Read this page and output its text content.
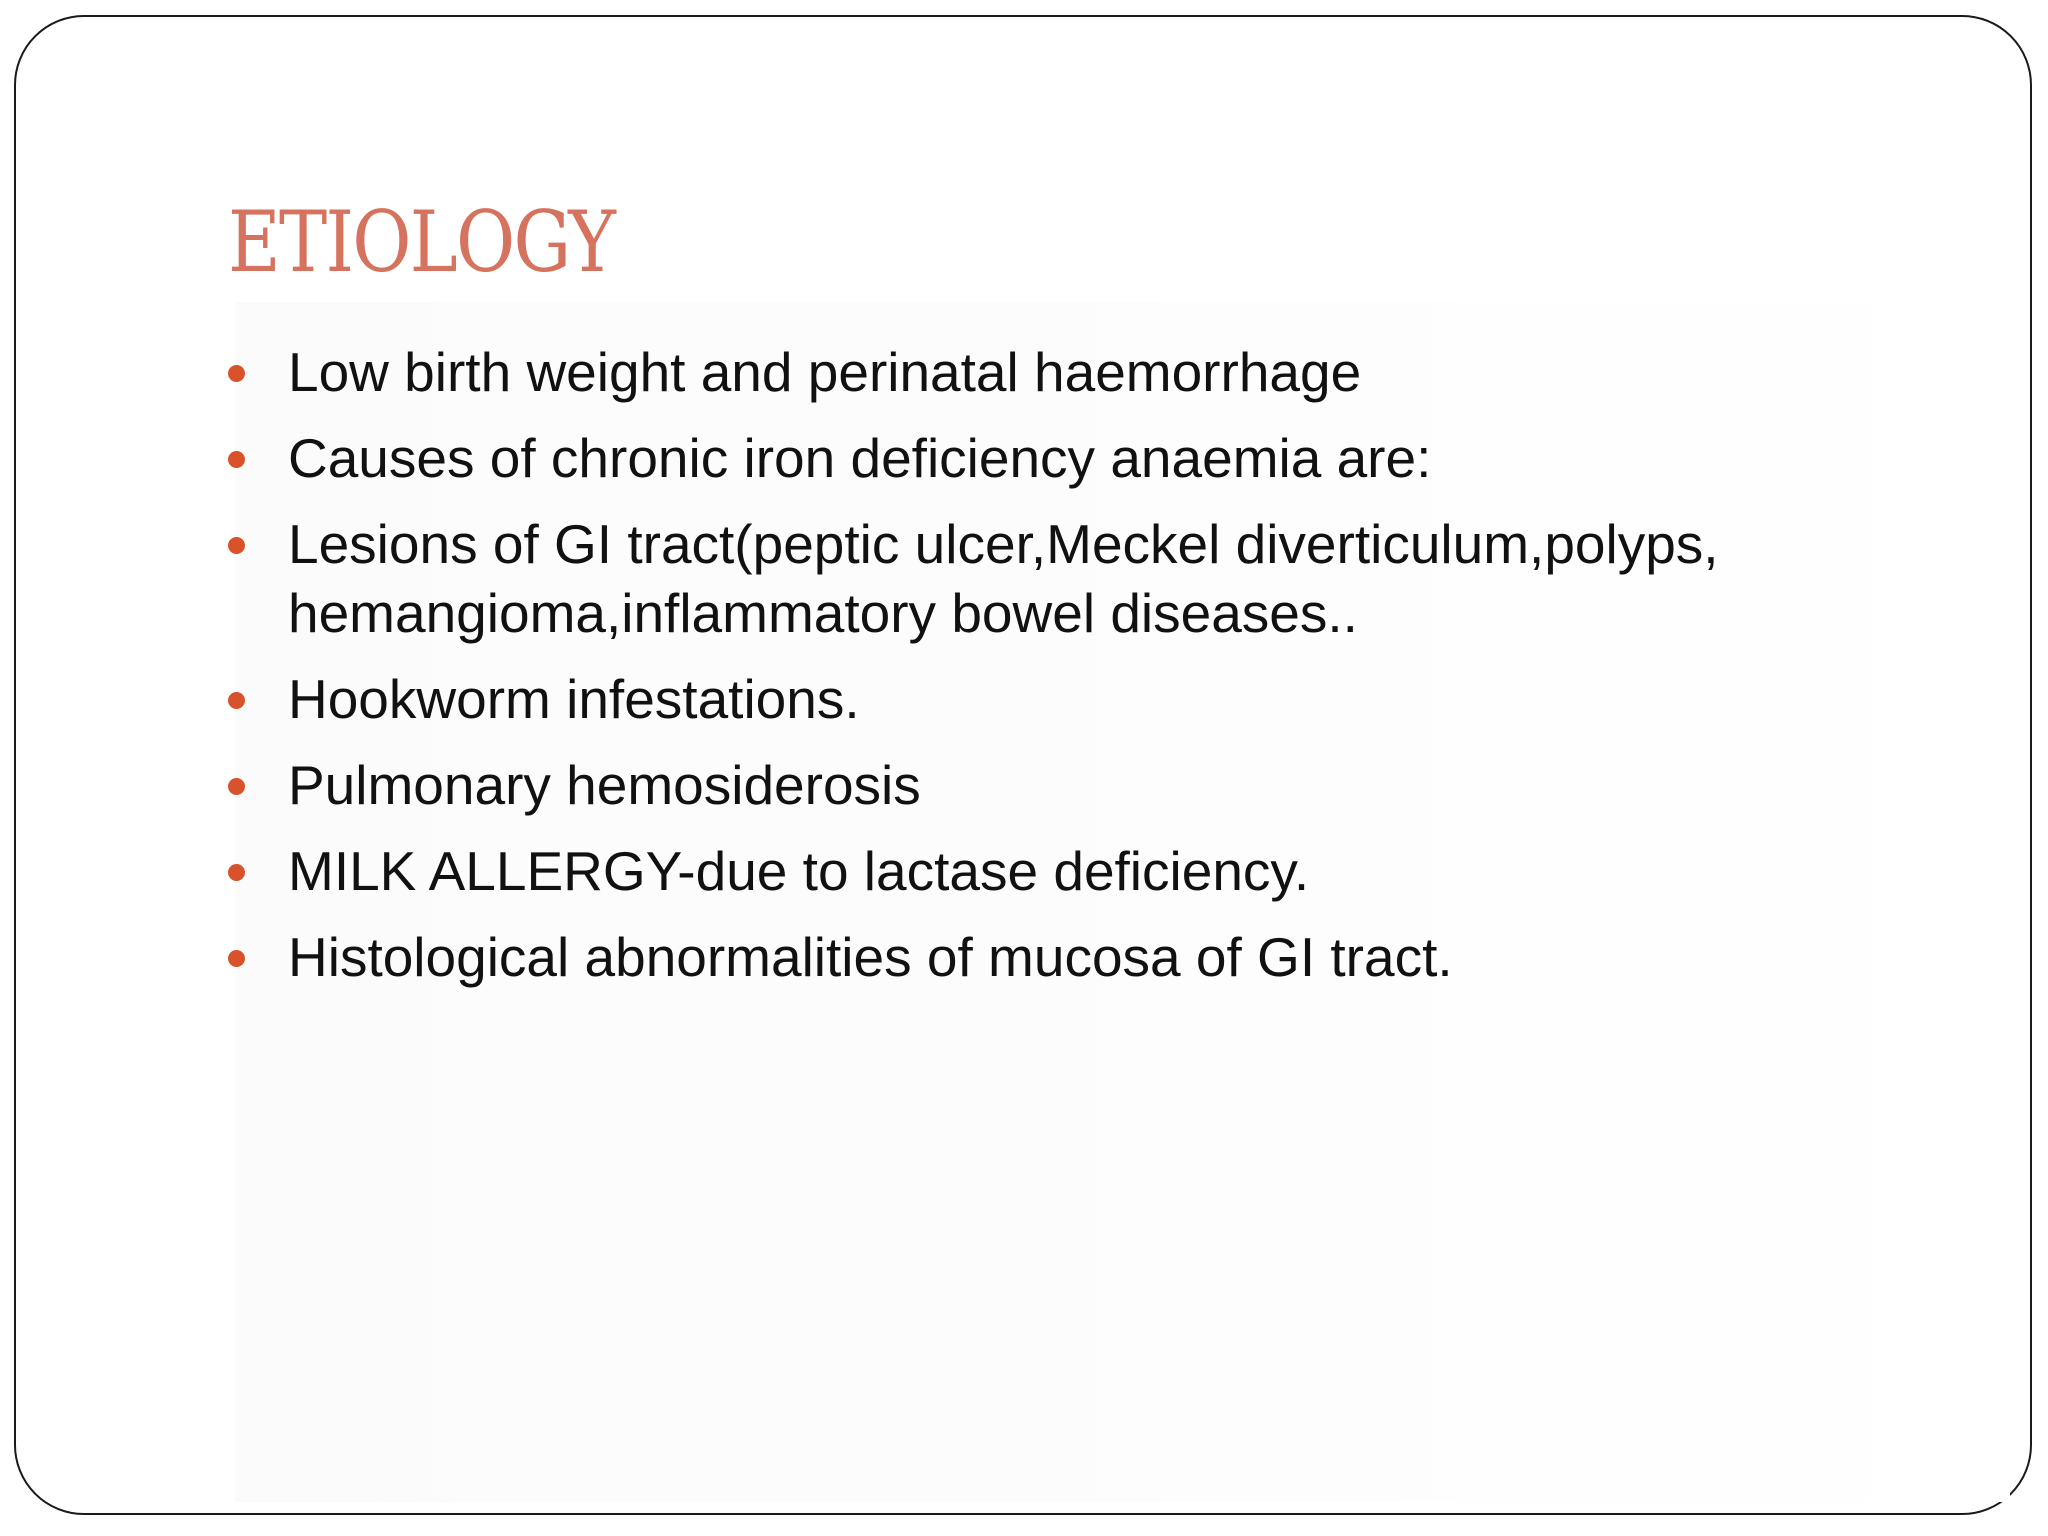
ETIOLOGY
Low birth weight and perinatal haemorrhage
Causes of chronic iron deficiency anaemia are:
Lesions of GI tract(peptic ulcer,Meckel diverticulum,polyps, hemangioma,inflammatory bowel diseases..
Hookworm infestations.
Pulmonary hemosiderosis
MILK ALLERGY-due to lactase deficiency.
Histological abnormalities of mucosa of GI tract.
